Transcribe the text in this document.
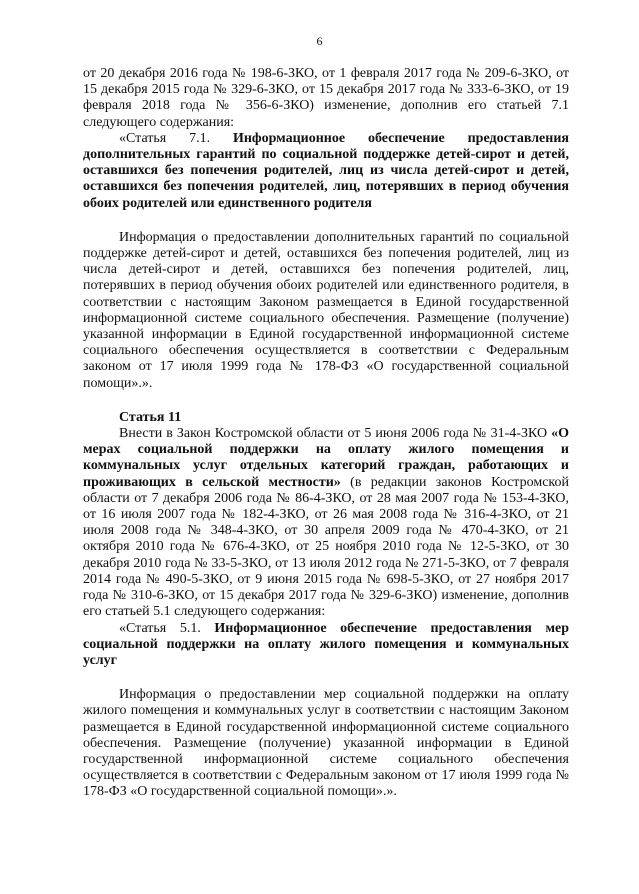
6

от 20 декабря 2016 года № 198-6-ЗКО, от 1 февраля 2017 года № 209-6-ЗКО, от 15 декабря 2015 года № 329-6-ЗКО, от 15 декабря 2017 года № 333-6-ЗКО, от 19 февраля 2018 года № 356-6-ЗКО) изменение, дополнив его статьей 7.1 следующего содержания:

«Статья 7.1. Информационное обеспечение предоставления дополнительных гарантий по социальной поддержке детей-сирот и детей, оставшихся без попечения родителей, лиц из числа детей-сирот и детей, оставшихся без попечения родителей, лиц, потерявших в период обучения обоих родителей или единственного родителя

Информация о предоставлении дополнительных гарантий по социальной поддержке детей-сирот и детей, оставшихся без попечения родителей, лиц из числа детей-сирот и детей, оставшихся без попечения родителей, лиц, потерявших в период обучения обоих родителей или единственного родителя, в соответствии с настоящим Законом размещается в Единой государственной информационной системе социального обеспечения. Размещение (получение) указанной информации в Единой государственной информационной системе социального обеспечения осуществляется в соответствии с Федеральным законом от 17 июля 1999 года № 178-ФЗ «О государственной социальной помощи».».

Статья 11

Внести в Закон Костромской области от 5 июня 2006 года № 31-4-ЗКО «О мерах социальной поддержки на оплату жилого помещения и коммунальных услуг отдельных категорий граждан, работающих и проживающих в сельской местности» (в редакции законов Костромской области от 7 декабря 2006 года № 86-4-ЗКО, от 28 мая 2007 года № 153-4-ЗКО, от 16 июля 2007 года № 182-4-ЗКО, от 26 мая 2008 года № 316-4-ЗКО, от 21 июля 2008 года № 348-4-ЗКО, от 30 апреля 2009 года № 470-4-ЗКО, от 21 октября 2010 года № 676-4-ЗКО, от 25 ноября 2010 года № 12-5-ЗКО, от 30 декабря 2010 года № 33-5-ЗКО, от 13 июля 2012 года № 271-5-ЗКО, от 7 февраля 2014 года № 490-5-ЗКО, от 9 июня 2015 года № 698-5-ЗКО, от 27 ноября 2017 года № 310-6-ЗКО, от 15 декабря 2017 года № 329-6-ЗКО) изменение, дополнив его статьей 5.1 следующего содержания:

«Статья 5.1. Информационное обеспечение предоставления мер социальной поддержки на оплату жилого помещения и коммунальных услуг

Информация о предоставлении мер социальной поддержки на оплату жилого помещения и коммунальных услуг в соответствии с настоящим Законом размещается в Единой государственной информационной системе социального обеспечения. Размещение (получение) указанной информации в Единой государственной информационной системе социального обеспечения осуществляется в соответствии с Федеральным законом от 17 июля 1999 года № 178-ФЗ «О государственной социальной помощи».».
